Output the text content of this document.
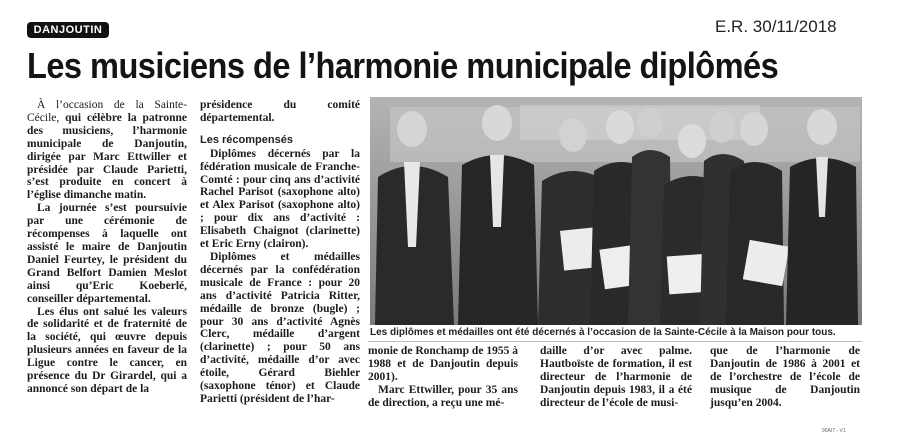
DANJOUTIN	E.R. 30/11/2018
Les musiciens de l’harmonie municipale diplômés

À l’occasion de la Sainte-Cécile, qui célèbre la patronne des musiciens, l’harmonie municipale de Danjoutin, dirigée par Marc Ettwiller et présidée par Claude Parietti, s’est produite en concert à l’église dimanche matin.

La journée s’est poursuivie par une cérémonie de récompenses à laquelle ont assisté le maire de Danjoutin Daniel Feurtey, le président du Grand Belfort Damien Meslot ainsi qu’Eric Koeberlé, conseiller départemental.

Les élus ont salué les valeurs de solidarité et de fraternité de la société, qui œuvre depuis plusieurs années en faveur de la Ligue contre le cancer, en présence du Dr Girardel, qui a annoncé son départ de la

présidence du comité départemental.

Les récompensés

Diplômes décernés par la fédération musicale de Franche-Comté : pour cinq ans d’activité Rachel Parisot (saxophone alto) et Alex Parisot (saxophone alto) ; pour dix ans d’activité : Elisabeth Chaignot (clarinette) et Eric Erny (clairon).

Diplômes et médailles décernés par la confédération musicale de France : pour 20 ans d’activité Patricia Ritter, médaille de bronze (bugle) ; pour 30 ans d’activité Agnès Clerc, médaille d’argent (clarinette) ; pour 50 ans d’activité, médaille d’or avec étoile, Gérard Biehler (saxophone ténor) et Claude Parietti (président de l’har-

Les diplômes et médailles ont été décernés à l’occasion de la Sainte-Cécile à la Maison pour tous.

monie de Ronchamp de 1955 à 1988 et de Danjoutin depuis 2001).

Marc Ettwiller, pour 35 ans de direction, a reçu une mé-

daille d’or avec palme. Hautboïste de formation, il est directeur de l’harmonie de Danjoutin depuis 1983, il a été directeur de l’école de musi-

que de l’harmonie de Danjoutin de 1986 à 2001 et de l’orchestre de l’école de musique de Danjoutin jusqu’en 2004.

90AI7 - V1
